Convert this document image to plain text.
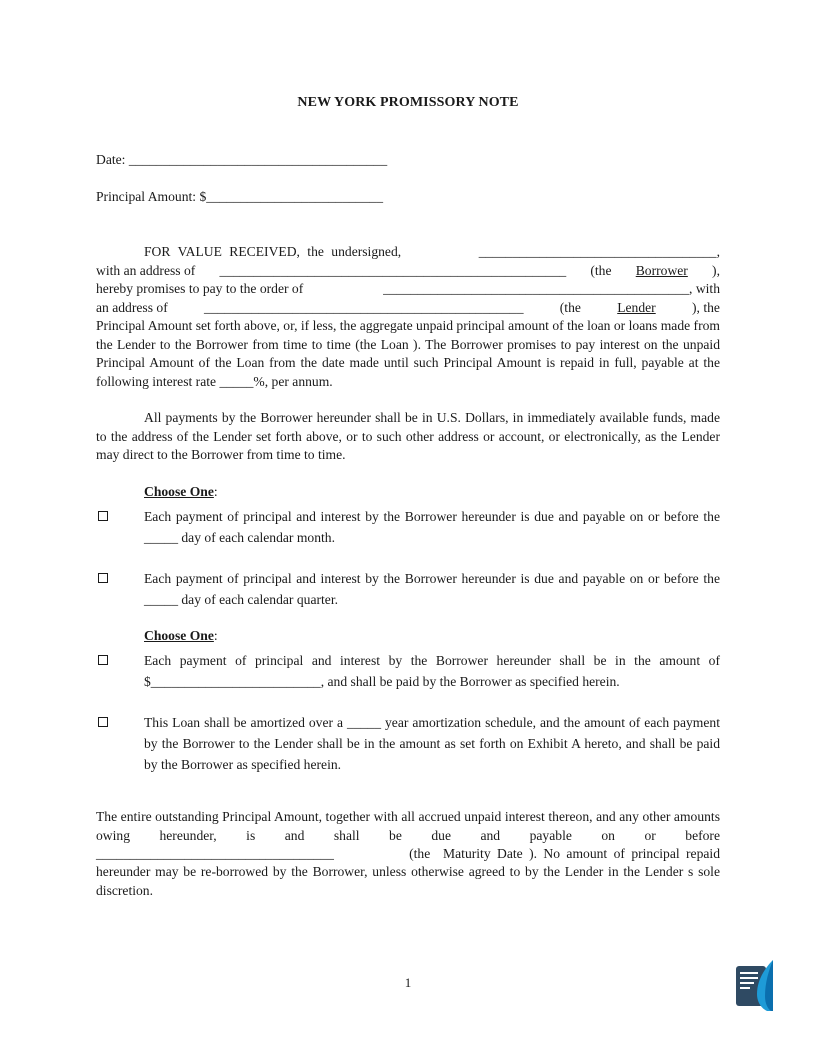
NEW YORK PROMISSORY NOTE
Date: ______________________________________
Principal Amount: $__________________________
FOR VALUE RECEIVED, the undersigned,	___________________________________,
with an address of ___________________________________________________ (the Borrower ),
hereby promises to pay to the order of	_____________________________________________ , with
an address of	_______________________________________________	(the	Lender	), the
Principal Amount set forth above, or, if less, the aggregate unpaid principal amount of the loan or loans made from the Lender to the Borrower from time to time (the Loan ). The Borrower promises to pay interest on the unpaid Principal Amount of the Loan from the date made until such Principal Amount is repaid in full, payable at the following interest rate _____%, per annum.
All payments by the Borrower hereunder shall be in U.S. Dollars, in immediately available funds, made to the address of the Lender set forth above, or to such other address or account, or electronically, as the Lender may direct to the Borrower from time to time.
Choose One:
Each payment of principal and interest by the Borrower hereunder is due and payable on or before the _____ day of each calendar month.
Each payment of principal and interest by the Borrower hereunder is due and payable on or before the _____ day of each calendar quarter.
Choose One:
Each payment of principal and interest by the Borrower hereunder shall be in the amount of $_________________________, and shall be paid by the Borrower as specified herein.
This Loan shall be amortized over a _____ year amortization schedule, and the amount of each payment by the Borrower to the Lender shall be in the amount as set forth on Exhibit A hereto, and shall be paid by the Borrower as specified herein.
The entire outstanding Principal Amount, together with all accrued unpaid interest thereon, and any other amounts owing hereunder, is and shall be due and payable on or before
___________________________________	(the  Maturity Date ). No amount of principal repaid
hereunder may be re-borrowed by the Borrower, unless otherwise agreed to by the Lender in the Lender s sole discretion.
1
